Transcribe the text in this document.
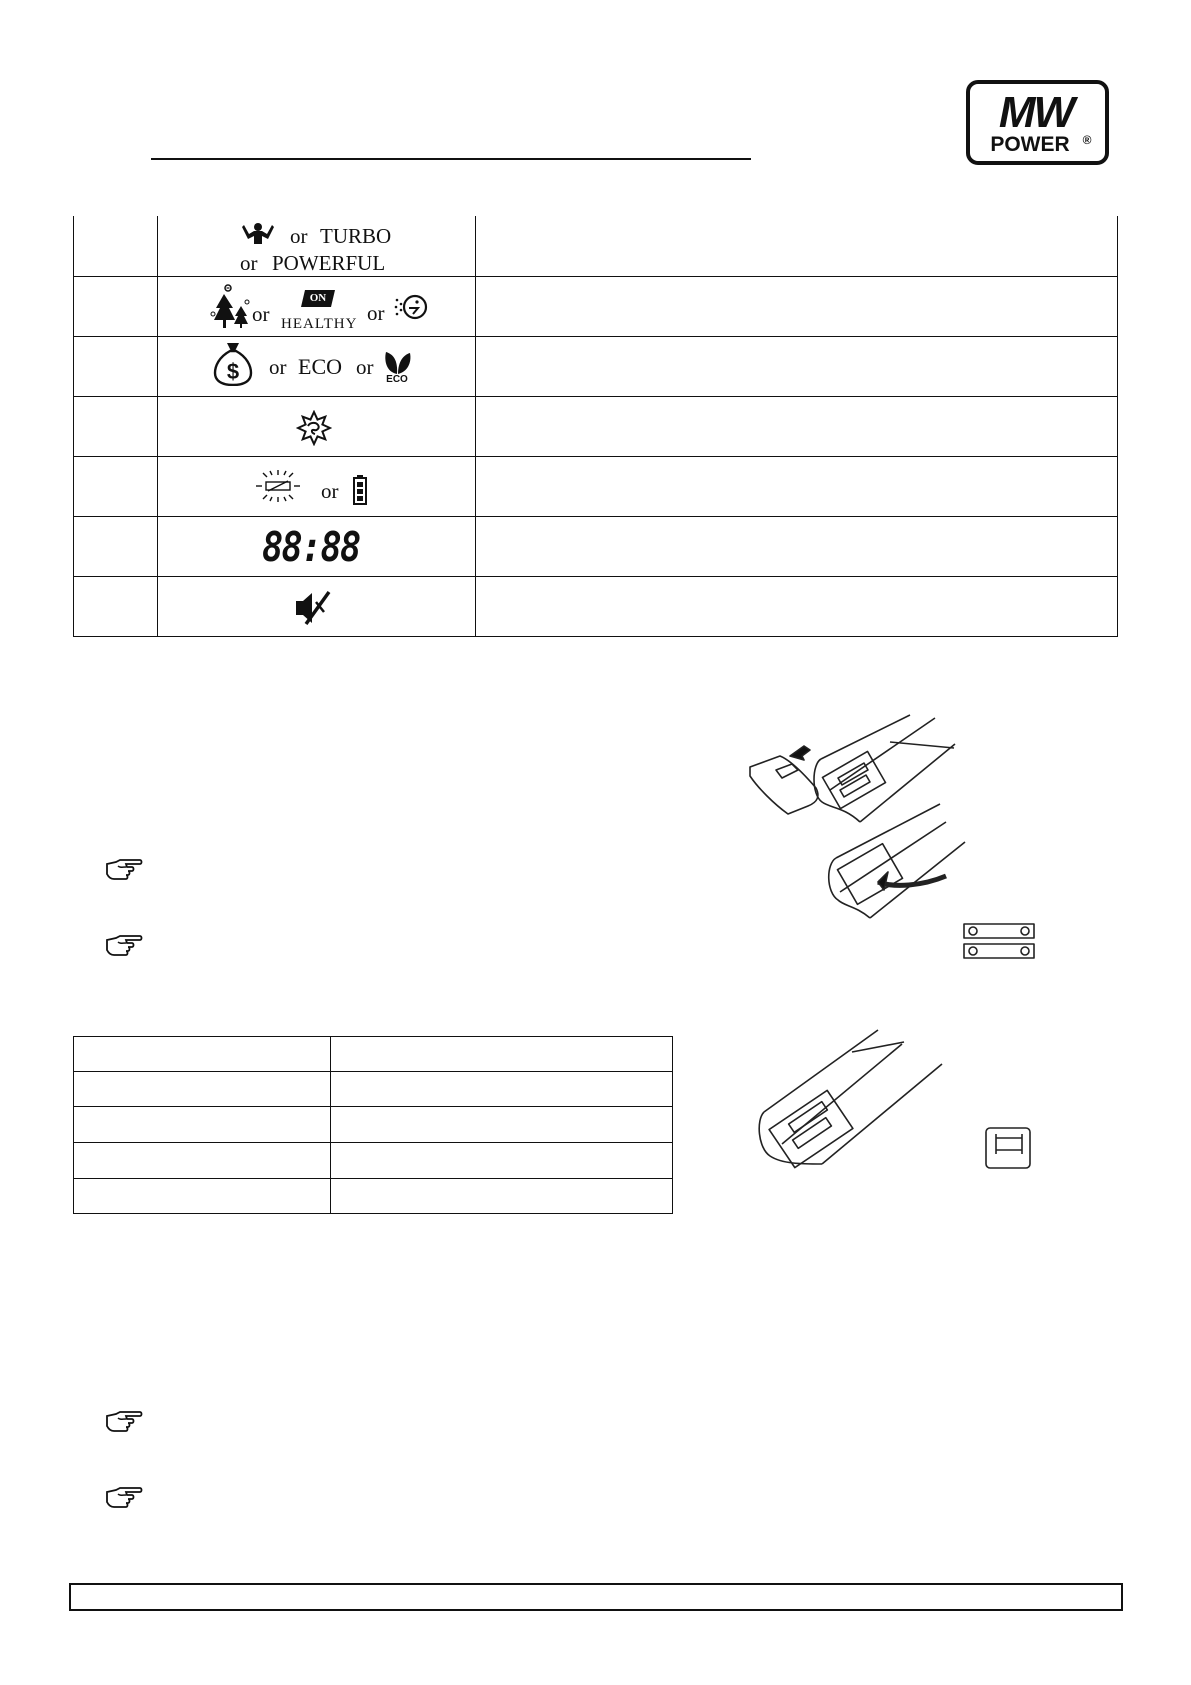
MW
POWER ®
or TURBO
or POWERFUL
or
ON
HEALTHY or
$ or ECO or
ECO
or
88:88
